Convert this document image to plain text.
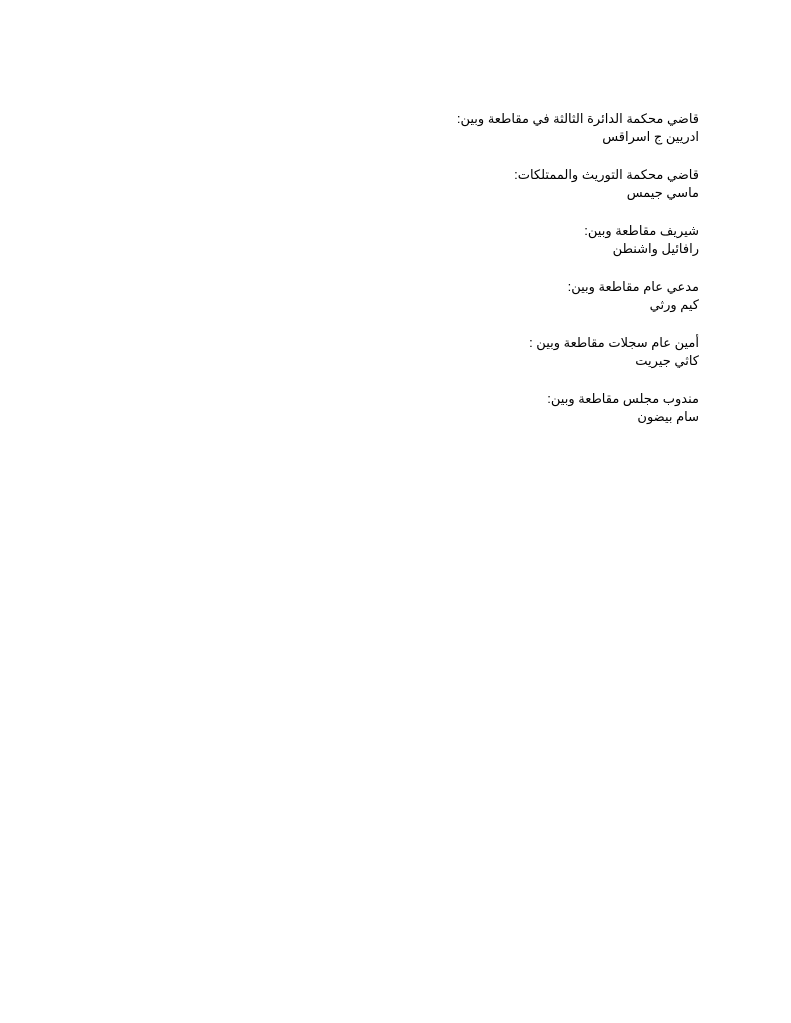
قاضي محكمة الدائرة الثالثة في مقاطعة وبين:
ادريين ج اسراقس
قاضي محكمة التوريث والممتلكات:
ماسي جيمس
شيريف مقاطعة وبين:
رافائيل واشنطن
مدعي عام مقاطعة وبين:
كيم ورثي
أمين عام سجلات مقاطعة وبين :
كاثي جيريت
مندوب مجلس مقاطعة وبين:
سام بيضون
